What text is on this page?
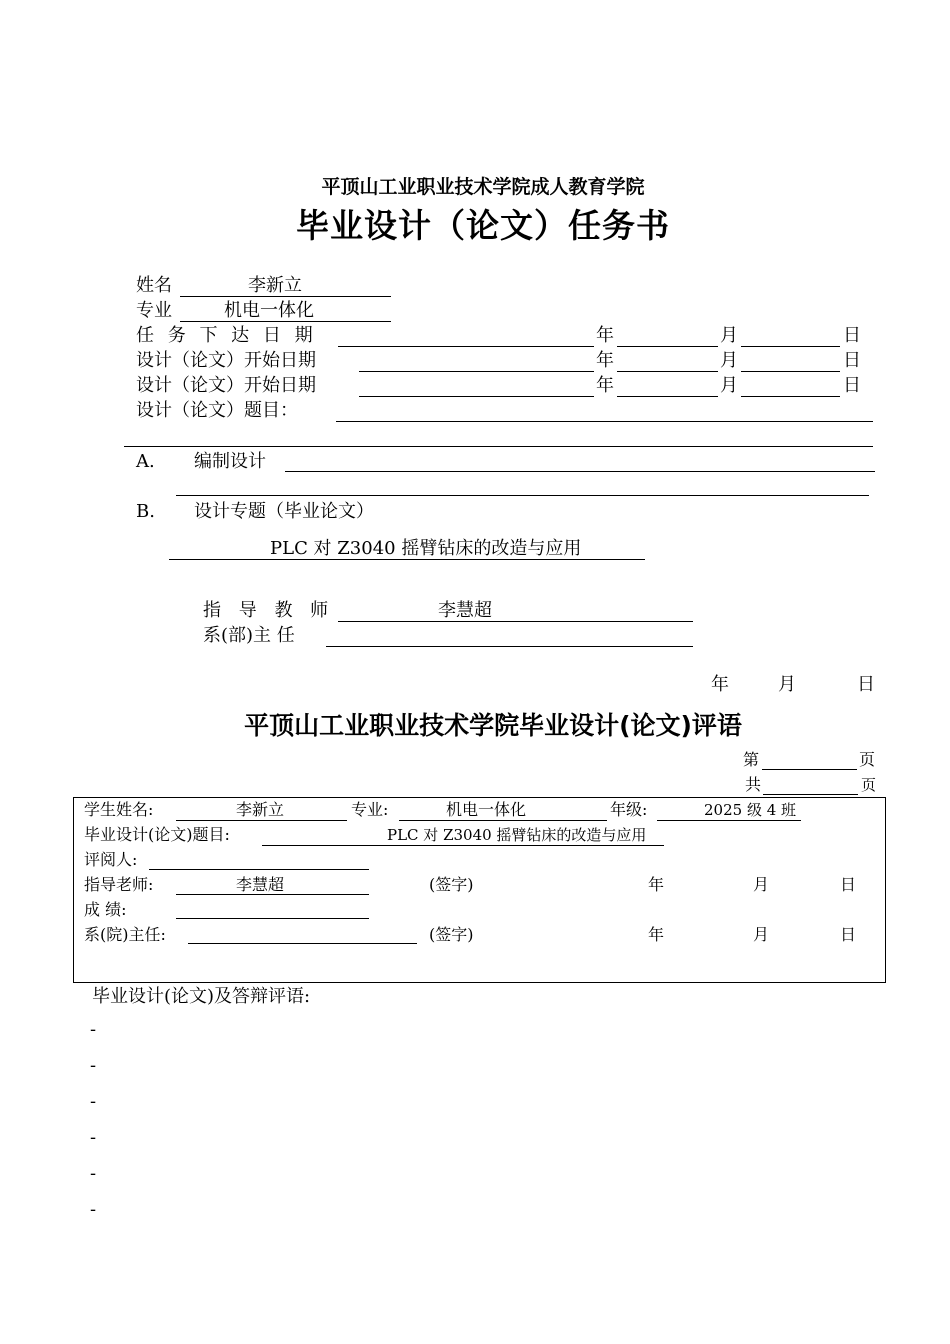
平顶山工业职业技术学院成人教育学院
毕业设计（论文）任务书
姓名	李新立
专业	机电一体化
任 务 下 达 日 期	年	月	日
设计（论文）开始日期	年	月	日
设计（论文）开始日期	年	月	日
设计（论文）题目：
A. 编制设计
B. 设计专题（毕业论文）
PLC 对 Z3040 摇臂钻床的改造与应用
指 导 教 师	李慧超
系(部)主 任
年	月	日
平顶山工业职业技术学院毕业设计(论文)评语
第	页
共	页
学生姓名:	李新立	专业:	机电一体化	年级:	2025 级 4 班
毕业设计(论文)题目:	PLC 对 Z3040 摇臂钻床的改造与应用
评阅人:
指导老师:	李慧超	(签字)	年	月	日
成 绩:
系(院)主任:	(签字)	年	月	日
毕业设计(论文)及答辩评语:
-
-
-
-
-
-
